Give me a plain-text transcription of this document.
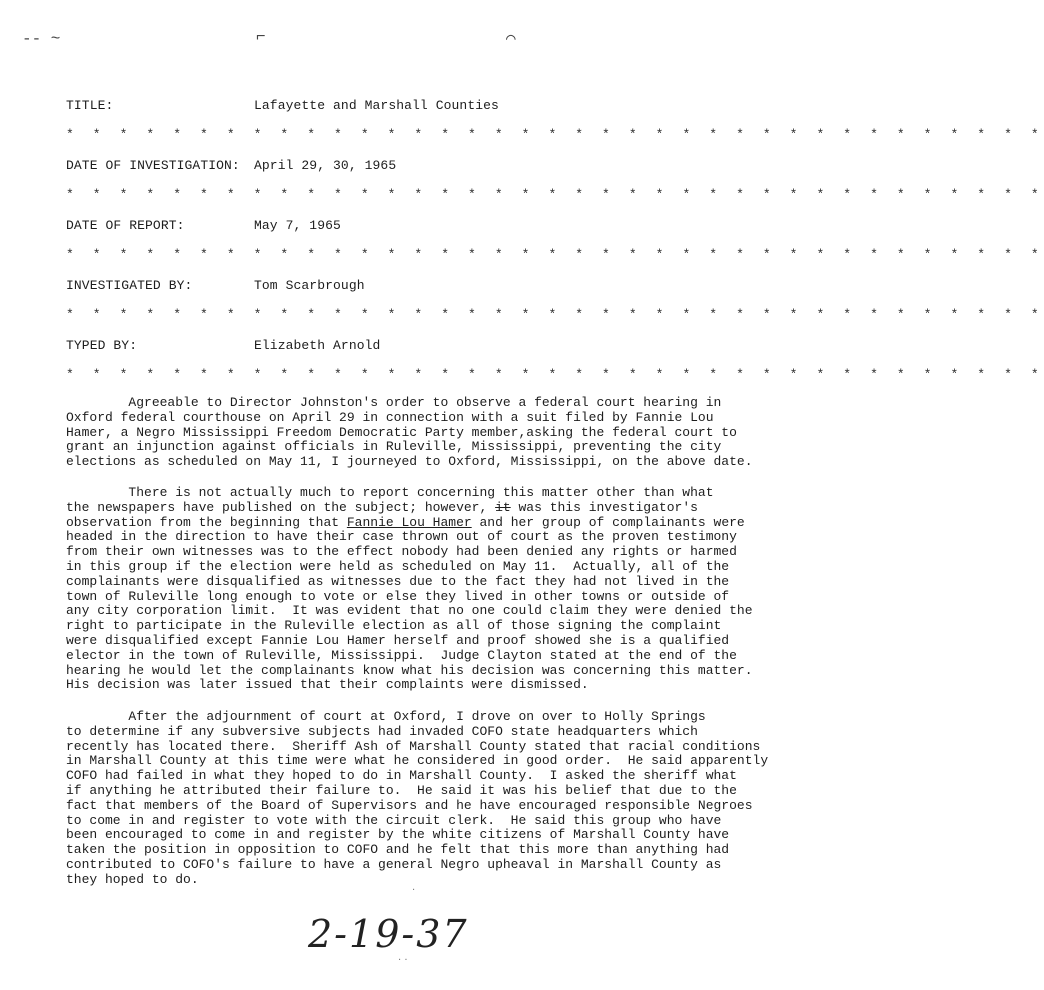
-- ~	⌐	⌒
TITLE:	Lafayette and Marshall Counties
* * * * * * * * * * * * * * * * * * * * * * * * * * * * * * * * * * * * *
DATE OF INVESTIGATION: April 29, 30, 1965
* * * * * * * * * * * * * * * * * * * * * * * * * * * * * * * * * * * * *
DATE OF REPORT:	May 7, 1965
* * * * * * * * * * * * * * * * * * * * * * * * * * * * * * * * * * * * *
INVESTIGATED BY:	Tom Scarbrough
* * * * * * * * * * * * * * * * * * * * * * * * * * * * * * * * * * * * *
TYPED BY:	Elizabeth Arnold
* * * * * * * * * * * * * * * * * * * * * * * * * * * * * * * * * * * * *
Agreeable to Director Johnston's order to observe a federal court hearing in
Oxford federal courthouse on April 29 in connection with a suit filed by Fannie Lou
Hamer, a Negro Mississippi Freedom Democratic Party member,asking the federal court to
grant an injunction against officials in Ruleville, Mississippi, preventing the city
elections as scheduled on May 11, I journeyed to Oxford, Mississippi, on the above date.
There is not actually much to report concerning this matter other than what
the newspapers have published on the subject; however, it was this investigator's
observation from the beginning that Fannie Lou Hamer and her group of complainants were
headed in the direction to have their case thrown out of court as the proven testimony
from their own witnesses was to the effect nobody had been denied any rights or harmed
in this group if the election were held as scheduled on May 11.  Actually, all of the
complainants were disqualified as witnesses due to the fact they had not lived in the
town of Ruleville long enough to vote or else they lived in other towns or outside of
any city corporation limit.  It was evident that no one could claim they were denied the
right to participate in the Ruleville election as all of those signing the complaint
were disqualified except Fannie Lou Hamer herself and proof showed she is a qualified
elector in the town of Ruleville, Mississippi.  Judge Clayton stated at the end of the
hearing he would let the complainants know what his decision was concerning this matter.
His decision was later issued that their complaints were dismissed.
After the adjournment of court at Oxford, I drove on over to Holly Springs
to determine if any subversive subjects had invaded COFO state headquarters which
recently has located there.  Sheriff Ash of Marshall County stated that racial conditions
in Marshall County at this time were what he considered in good order.  He said apparently
COFO had failed in what they hoped to do in Marshall County.  I asked the sheriff what
if anything he attributed their failure to.  He said it was his belief that due to the
fact that members of the Board of Supervisors and he have encouraged responsible Negroes
to come in and register to vote with the circuit clerk.  He said this group who have
been encouraged to come in and register by the white citizens of Marshall County have
taken the position in opposition to COFO and he felt that this more than anything had
contributed to COFO's failure to have a general Negro upheaval in Marshall County as
they hoped to do.
2-19-37
·
· ·
